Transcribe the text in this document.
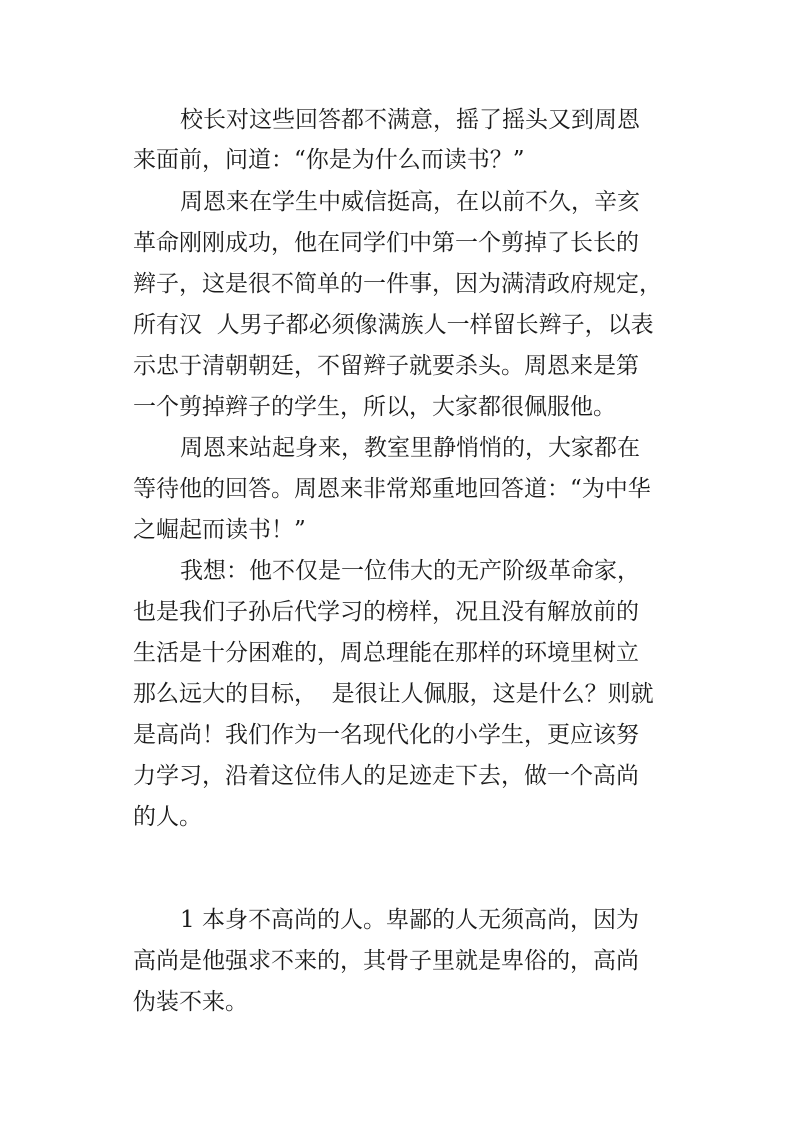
校长对这些回答都不满意，摇了摇头又到周恩
来面前，问道：“你是为什么而读书？”
周恩来在学生中威信挺高，在以前不久，辛亥
革命刚刚成功，他在同学们中第一个剪掉了长长的
辫子，这是很不简单的一件事，因为满清政府规定，
所有汉  人男子都必须像满族人一样留长辫子，以表
示忠于清朝朝廷，不留辫子就要杀头。周恩来是第
一个剪掉辫子的学生，所以，大家都很佩服他。
周恩来站起身来，教室里静悄悄的，大家都在
等待他的回答。周恩来非常郑重地回答道：“为中华
之崛起而读书！”
我想：他不仅是一位伟大的无产阶级革命家，
也是我们子孙后代学习的榜样，况且没有解放前的
生活是十分困难的，周总理能在那样的环境里树立
那么远大的目标，  是很让人佩服，这是什么？则就
是高尚！我们作为一名现代化的小学生，更应该努
力学习，沿着这位伟人的足迹走下去，做一个高尚
的人。
1 本身不高尚的人。卑鄙的人无须高尚，因为
高尚是他强求不来的，其骨子里就是卑俗的，高尚
伪装不来。
